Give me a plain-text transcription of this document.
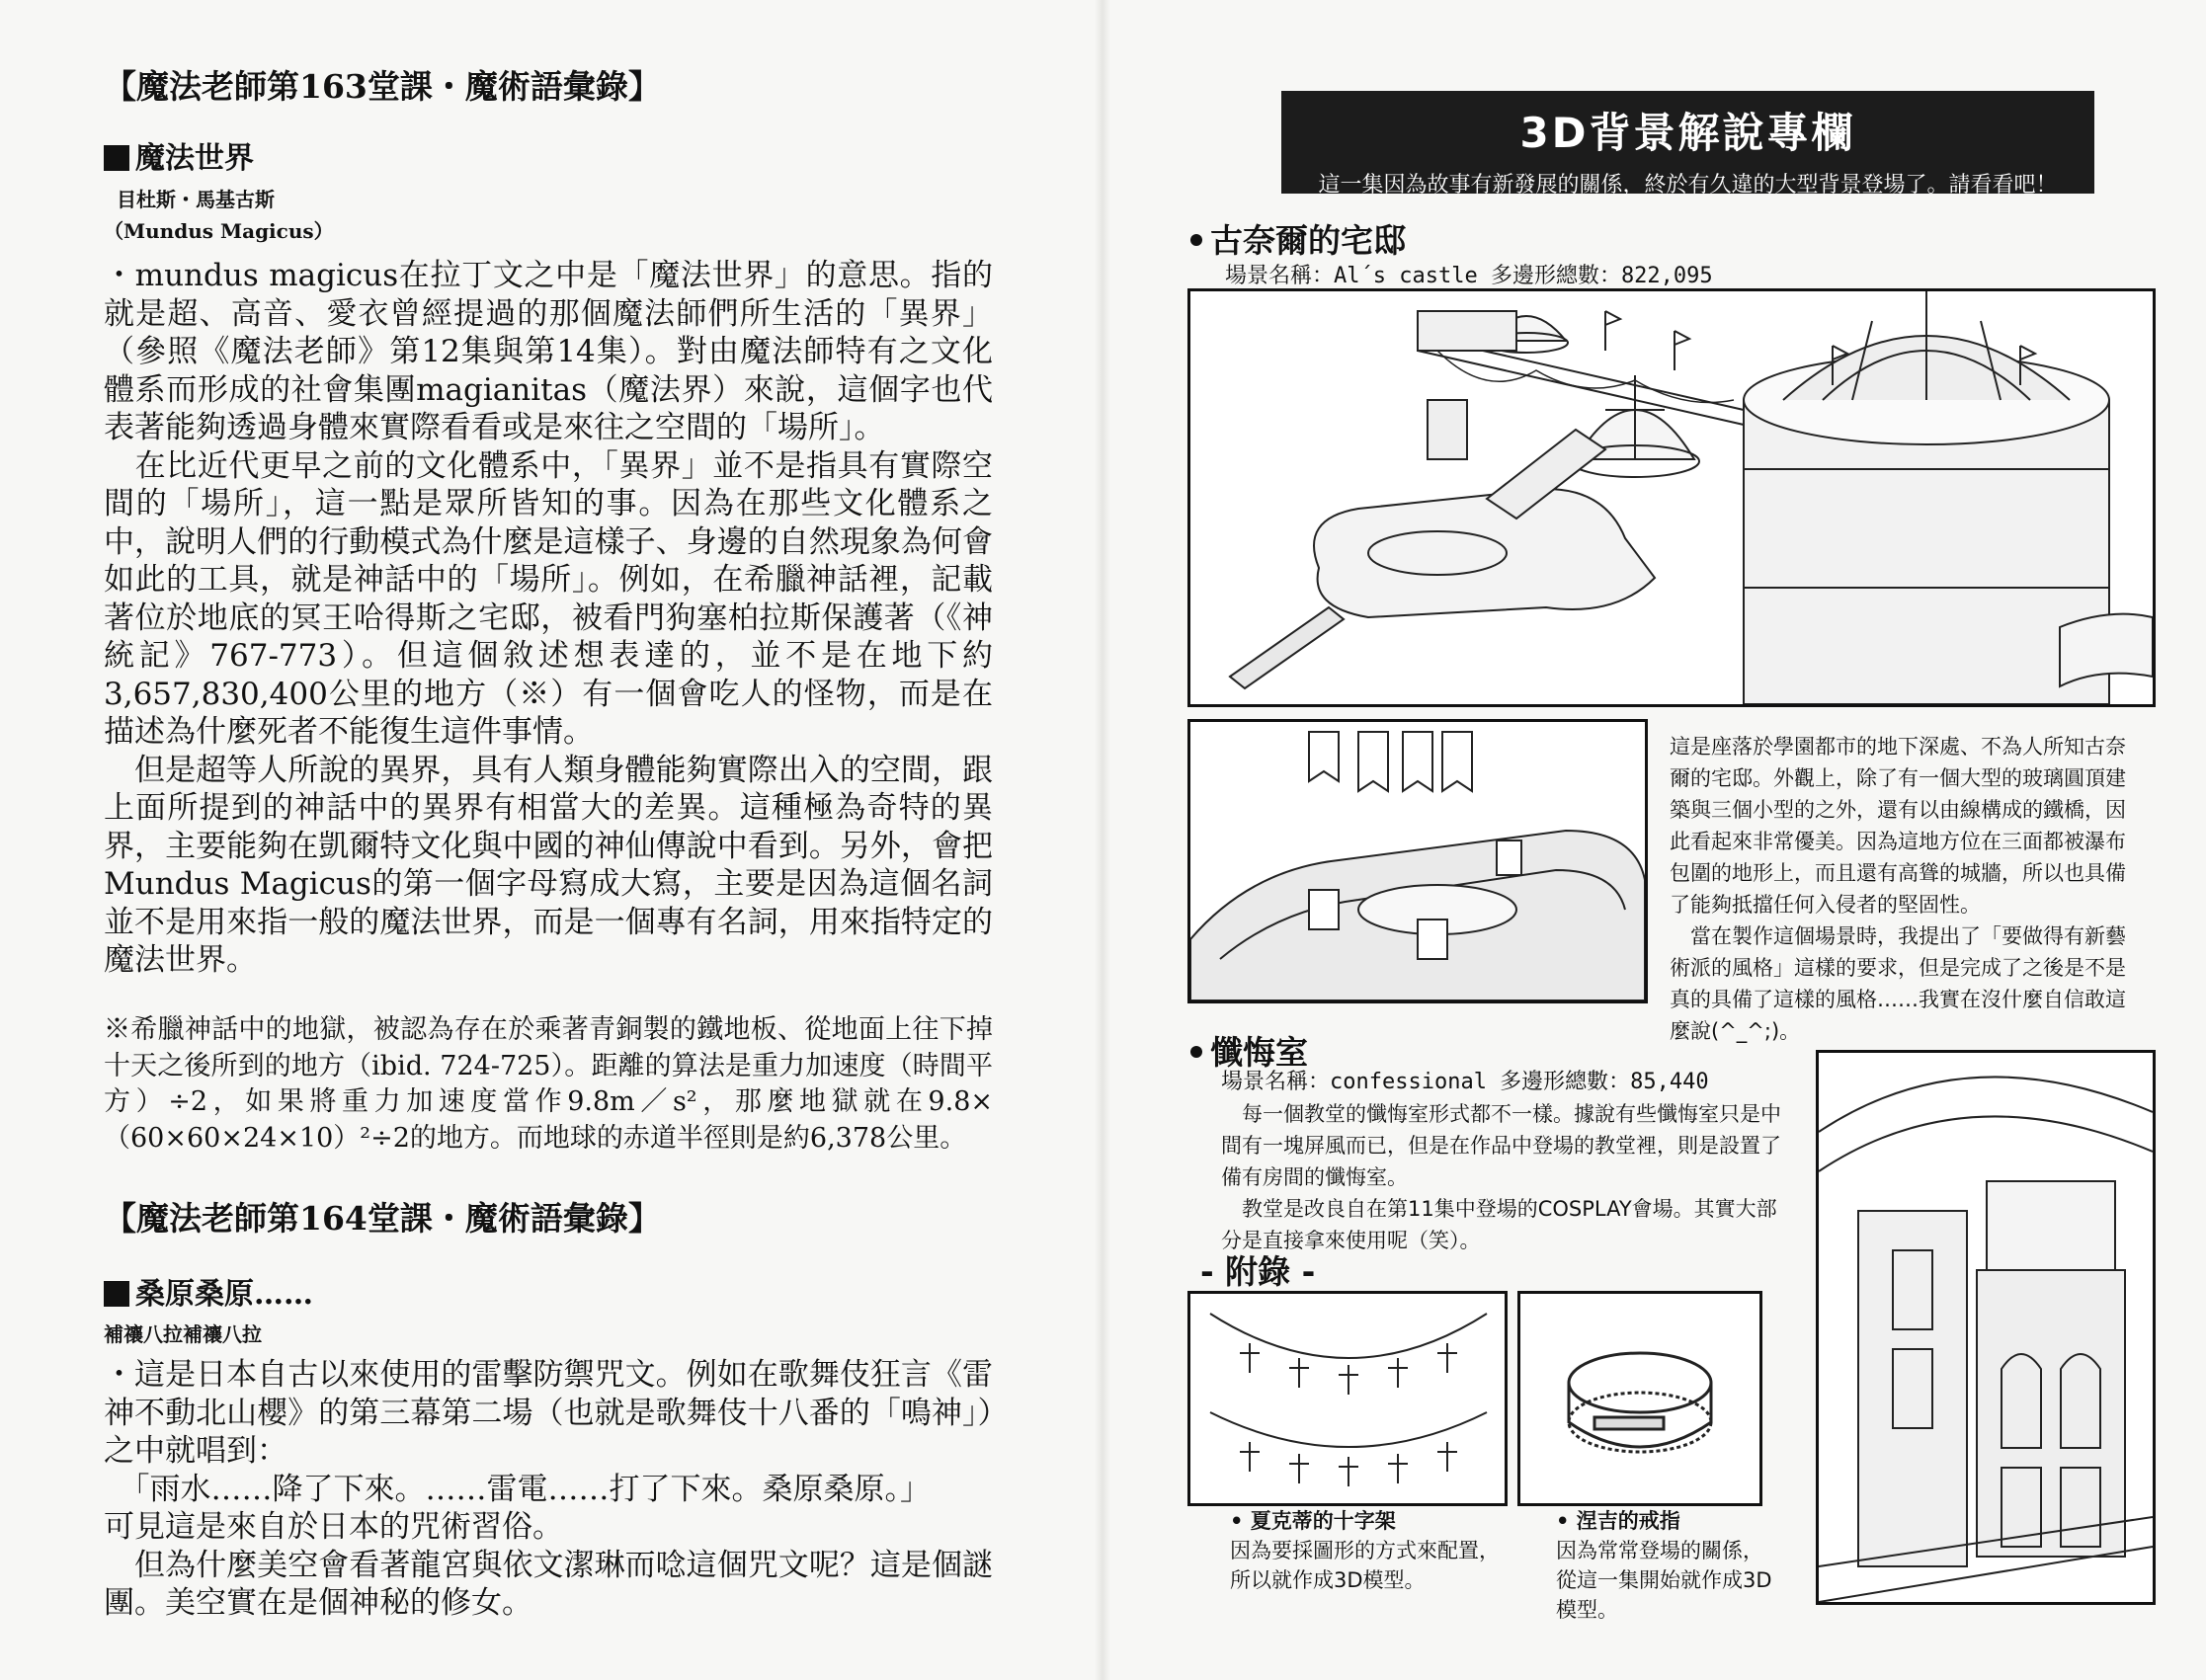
【魔法老師第163堂課・魔術語彙錄】
魔法世界
目杜斯・馬基古斯
（Mundus Magicus）

・mundus magicus在拉丁文之中是「魔法世界」的意思。指的就是超、高音、愛衣曾經提過的那個魔法師們所生活的「異界」（參照《魔法老師》第12集與第14集）。對由魔法師特有之文化體系而形成的社會集團magianitas（魔法界）來說，這個字也代表著能夠透過身體來實際看看或是來往之空間的「場所」。

　在比近代更早之前的文化體系中，「異界」並不是指具有實際空間的「場所」，這一點是眾所皆知的事。因為在那些文化體系之中，說明人們的行動模式為什麼是這樣子、身邊的自然現象為何會如此的工具，就是神話中的「場所」。例如，在希臘神話裡，記載著位於地底的冥王哈得斯之宅邸，被看門狗塞柏拉斯保護著（《神統記》767-773）。但這個敘述想表達的，並不是在地下約3,657,830,400公里的地方（※）有一個會吃人的怪物，而是在描述為什麼死者不能復生這件事情。

　但是超等人所說的異界，具有人類身體能夠實際出入的空間，跟上面所提到的神話中的異界有相當大的差異。這種極為奇特的異界，主要能夠在凱爾特文化與中國的神仙傳說中看到。另外，會把Mundus Magicus的第一個字母寫成大寫，主要是因為這個名詞並不是用來指一般的魔法世界，而是一個專有名詞，用來指特定的魔法世界。

※希臘神話中的地獄，被認為存在於乘著青銅製的鐵地板、從地面上往下掉十天之後所到的地方（ibid. 724-725）。距離的算法是重力加速度（時間平方）÷2，如果將重力加速度當作9.8m／s²，那麼地獄就在9.8×（60×60×24×10）²÷2的地方。而地球的赤道半徑則是約6,378公里。
【魔法老師第164堂課・魔術語彙錄】
桑原桑原……
補禳八拉補禳八拉

・這是日本自古以來使用的雷擊防禦咒文。例如在歌舞伎狂言《雷神不動北山櫻》的第三幕第二場（也就是歌舞伎十八番的「鳴神」）之中就唱到：

　「雨水……降了下來。……雷電……打了下來。桑原桑原。」

可見這是來自於日本的咒術習俗。

　但為什麼美空會看著龍宮與依文潔琳而唸這個咒文呢？這是個謎團。美空實在是個神秘的修女。

3D背景解說專欄
這一集因為故事有新發展的關係，終於有久違的大型背景登場了。請看看吧！
古奈爾的宅邸
場景名稱：Al´s castle 多邊形總數：822,095
這是座落於學園都市的地下深處、不為人所知古奈爾的宅邸。外觀上，除了有一個大型的玻璃圓頂建築與三個小型的之外，還有以由線構成的鐵橋，因此看起來非常優美。因為這地方位在三面都被瀑布包圍的地形上，而且還有高聳的城牆，所以也具備了能夠抵擋任何入侵者的堅固性。
　當在製作這個場景時，我提出了「要做得有新藝術派的風格」這樣的要求，但是完成了之後是不是真的具備了這樣的風格……我實在沒什麼自信敢這麼說(^_^;)。
懺悔室
場景名稱：confessional 多邊形總數：85,440
　每一個教堂的懺悔室形式都不一樣。據說有些懺悔室只是中間有一塊屏風而已，但是在作品中登場的教堂裡，則是設置了備有房間的懺悔室。
　教堂是改良自在第11集中登場的COSPLAY會場。其實大部分是直接拿來使用呢（笑）。
- 附錄 -
• 夏克蒂的十字架
因為要採圖形的方式來配置，所以就作成3D模型。
• 涅吉的戒指
因為常常登場的關係，從這一集開始就作成3D模型。
